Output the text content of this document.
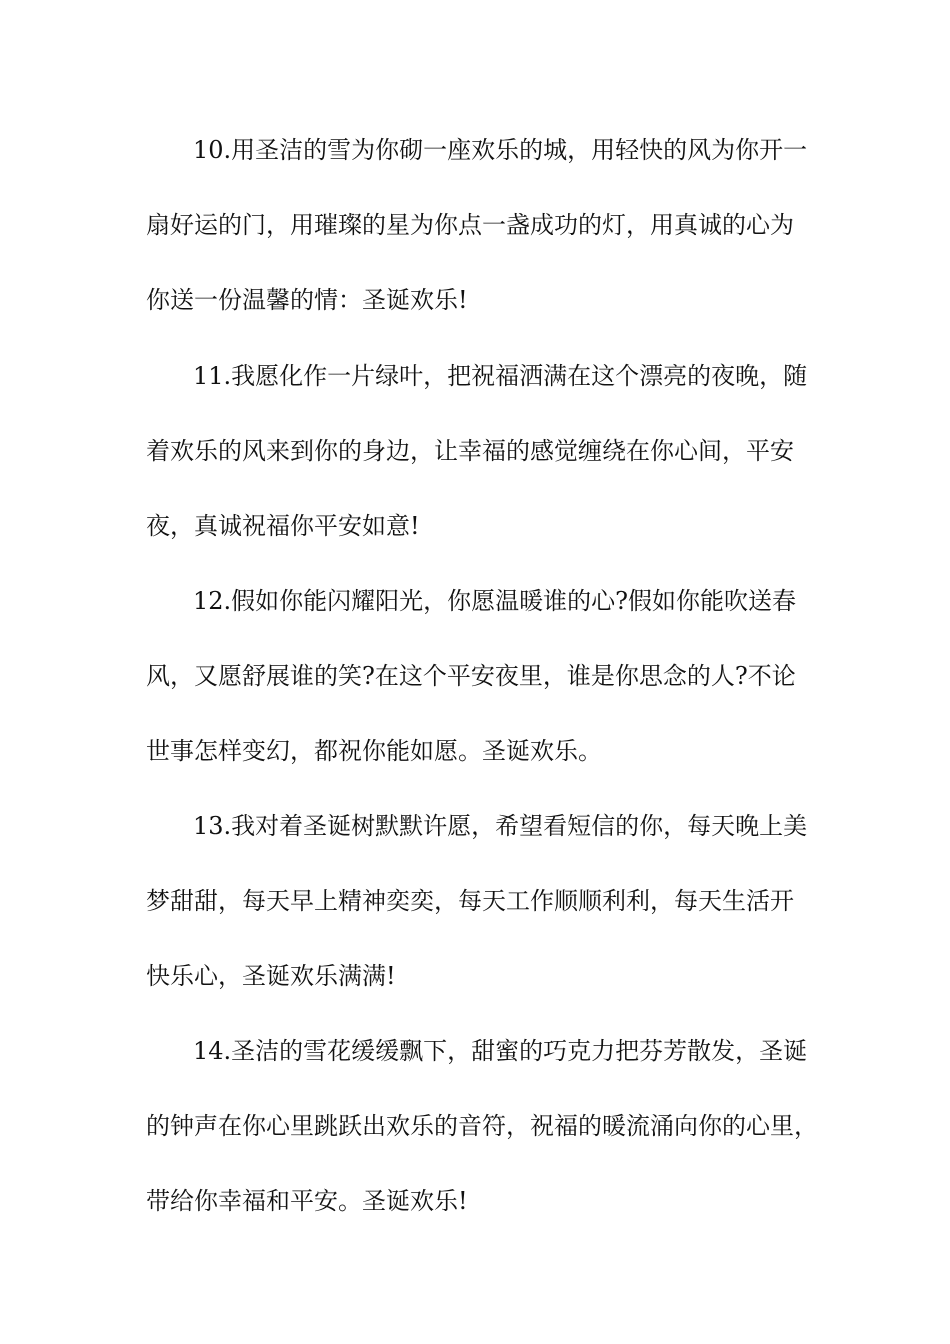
10.用圣洁的雪为你砌一座欢乐的城，用轻快的风为你开一
扇好运的门，用璀璨的星为你点一盏成功的灯，用真诚的心为
你送一份温馨的情：圣诞欢乐!
11.我愿化作一片绿叶，把祝福洒满在这个漂亮的夜晚，随
着欢乐的风来到你的身边，让幸福的感觉缠绕在你心间，平安
夜，真诚祝福你平安如意!
12.假如你能闪耀阳光，你愿温暖谁的心?假如你能吹送春
风，又愿舒展谁的笑?在这个平安夜里，谁是你思念的人?不论
世事怎样变幻，都祝你能如愿。圣诞欢乐。
13.我对着圣诞树默默许愿，希望看短信的你，每天晚上美
梦甜甜，每天早上精神奕奕，每天工作顺顺利利，每天生活开
快乐心，圣诞欢乐满满!
14.圣洁的雪花缓缓飘下，甜蜜的巧克力把芬芳散发，圣诞
的钟声在你心里跳跃出欢乐的音符，祝福的暖流涌向你的心里，
带给你幸福和平安。圣诞欢乐!
